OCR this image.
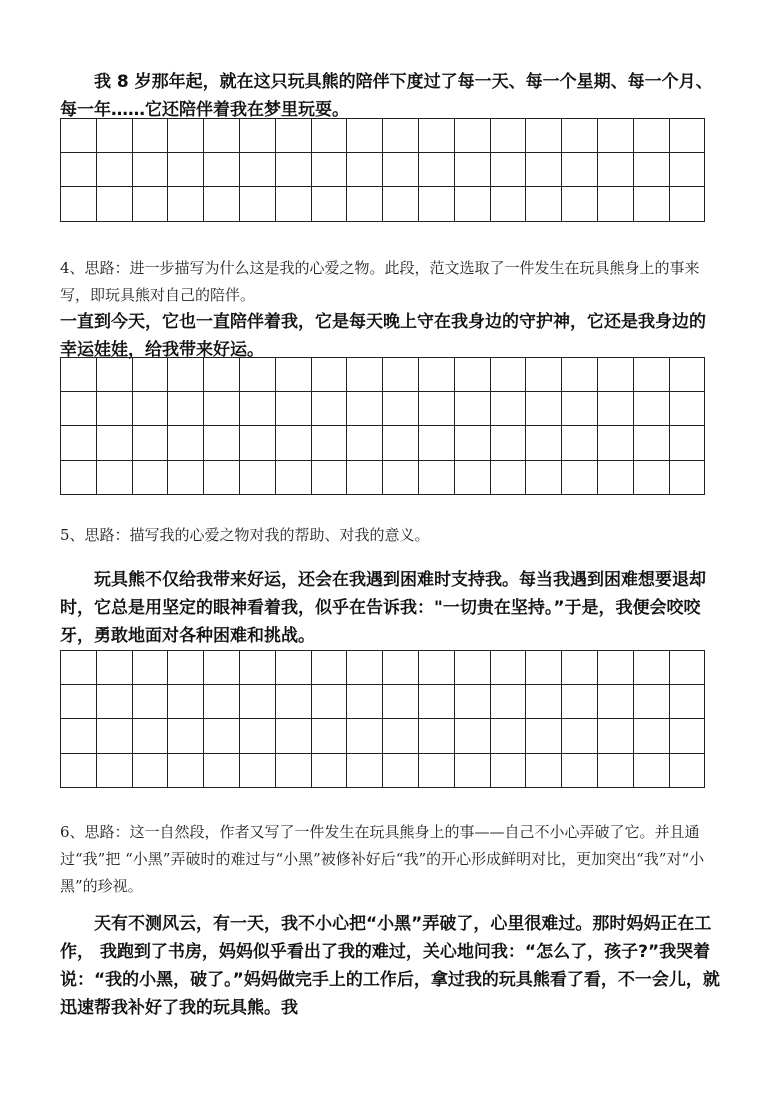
我 8 岁那年起，就在这只玩具熊的陪伴下度过了每一天、每一个星期、每一个月、每一年……它还陪伴着我在梦里玩耍。

4、思路：进一步描写为什么这是我的心爱之物。此段，范文选取了一件发生在玩具熊身上的事来写，即玩具熊对自己的陪伴。

一直到今天，它也一直陪伴着我，它是每天晚上守在我身边的守护神，它还是我身边的幸运娃娃，给我带来好运。

5、思路：描写我的心爱之物对我的帮助、对我的意义。

玩具熊不仅给我带来好运，还会在我遇到困难时支持我。每当我遇到困难想要退却时，它总是用坚定的眼神看着我，似乎在告诉我："一切贵在坚持。”于是，我便会咬咬牙，勇敢地面对各种困难和挑战。

6、思路：这一自然段，作者又写了一件发生在玩具熊身上的事——自己不小心弄破了它。并且通过“我”把 “小黑”弄破时的难过与“小黑”被修补好后“我”的开心形成鲜明对比，更加突出“我”对“小黑”的珍视。

天有不测风云，有一天，我不小心把“小黑”弄破了，心里很难过。那时妈妈正在工作， 我跑到了书房，妈妈似乎看出了我的难过，关心地问我：“怎么了，孩子?”我哭着说：“我的小黑，破了。”妈妈做完手上的工作后，拿过我的玩具熊看了看，不一会儿，就迅速帮我补好了我的玩具熊。我
